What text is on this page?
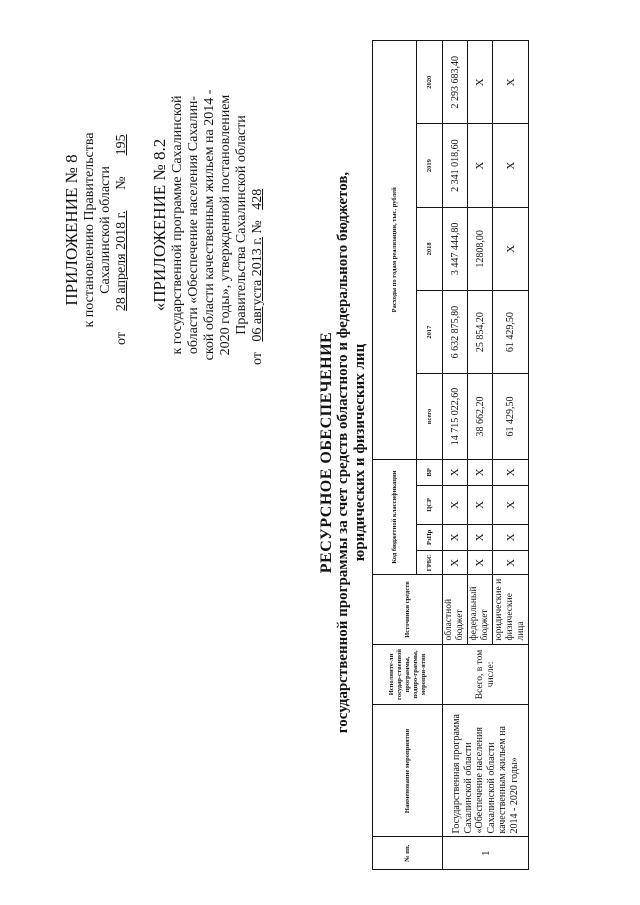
ПРИЛОЖЕНИЕ № 8 к постановлению Правительства Сахалинской области
от      28 апреля 2018 г.      №      195 «ПРИЛОЖЕНИЕ № 8.2 к государственной программе Сахалинской области «Обеспечение населения Сахалин- ской области качественным жильем на 2014 - 2020 годы», утвержденной постановлением Правительства Сахалинской области
от   06 августа 2013 г. №   428
РЕСУРСНОЕ ОБЕСПЕЧЕНИЕ государственной программы за счет средств областного и федерального бюджетов, юридических и физических лиц
№ пп.	Наименование мероприятия	Исполните-ли государ-ственной программы, подпро-граммы, меропри-ятия	Источники средств	Код бюджетной классификации				Расходы по годам реализации, тыс. рублей				
				ГРБС	РзПр	ЦСР	ВР	всего	2017	2018	2019	2020
1	Государственная программа Сахалинской области «Обеспечение населения Сахалинской области качественным жильем на 2014 - 2020 годы»	Всего, в том числе:	областной бюджет	X	X	X	X	14 715 022,60	6 632 875,80	3 447 444,80	2 341 018,60	2 293 683,40
			федеральный бюджет	X	X	X	X	38 662,20	25 854,20	12808,00	X	X
			юридические и физические лица	X	X	X	X	61 429,50	61 429,50	X	X	X
